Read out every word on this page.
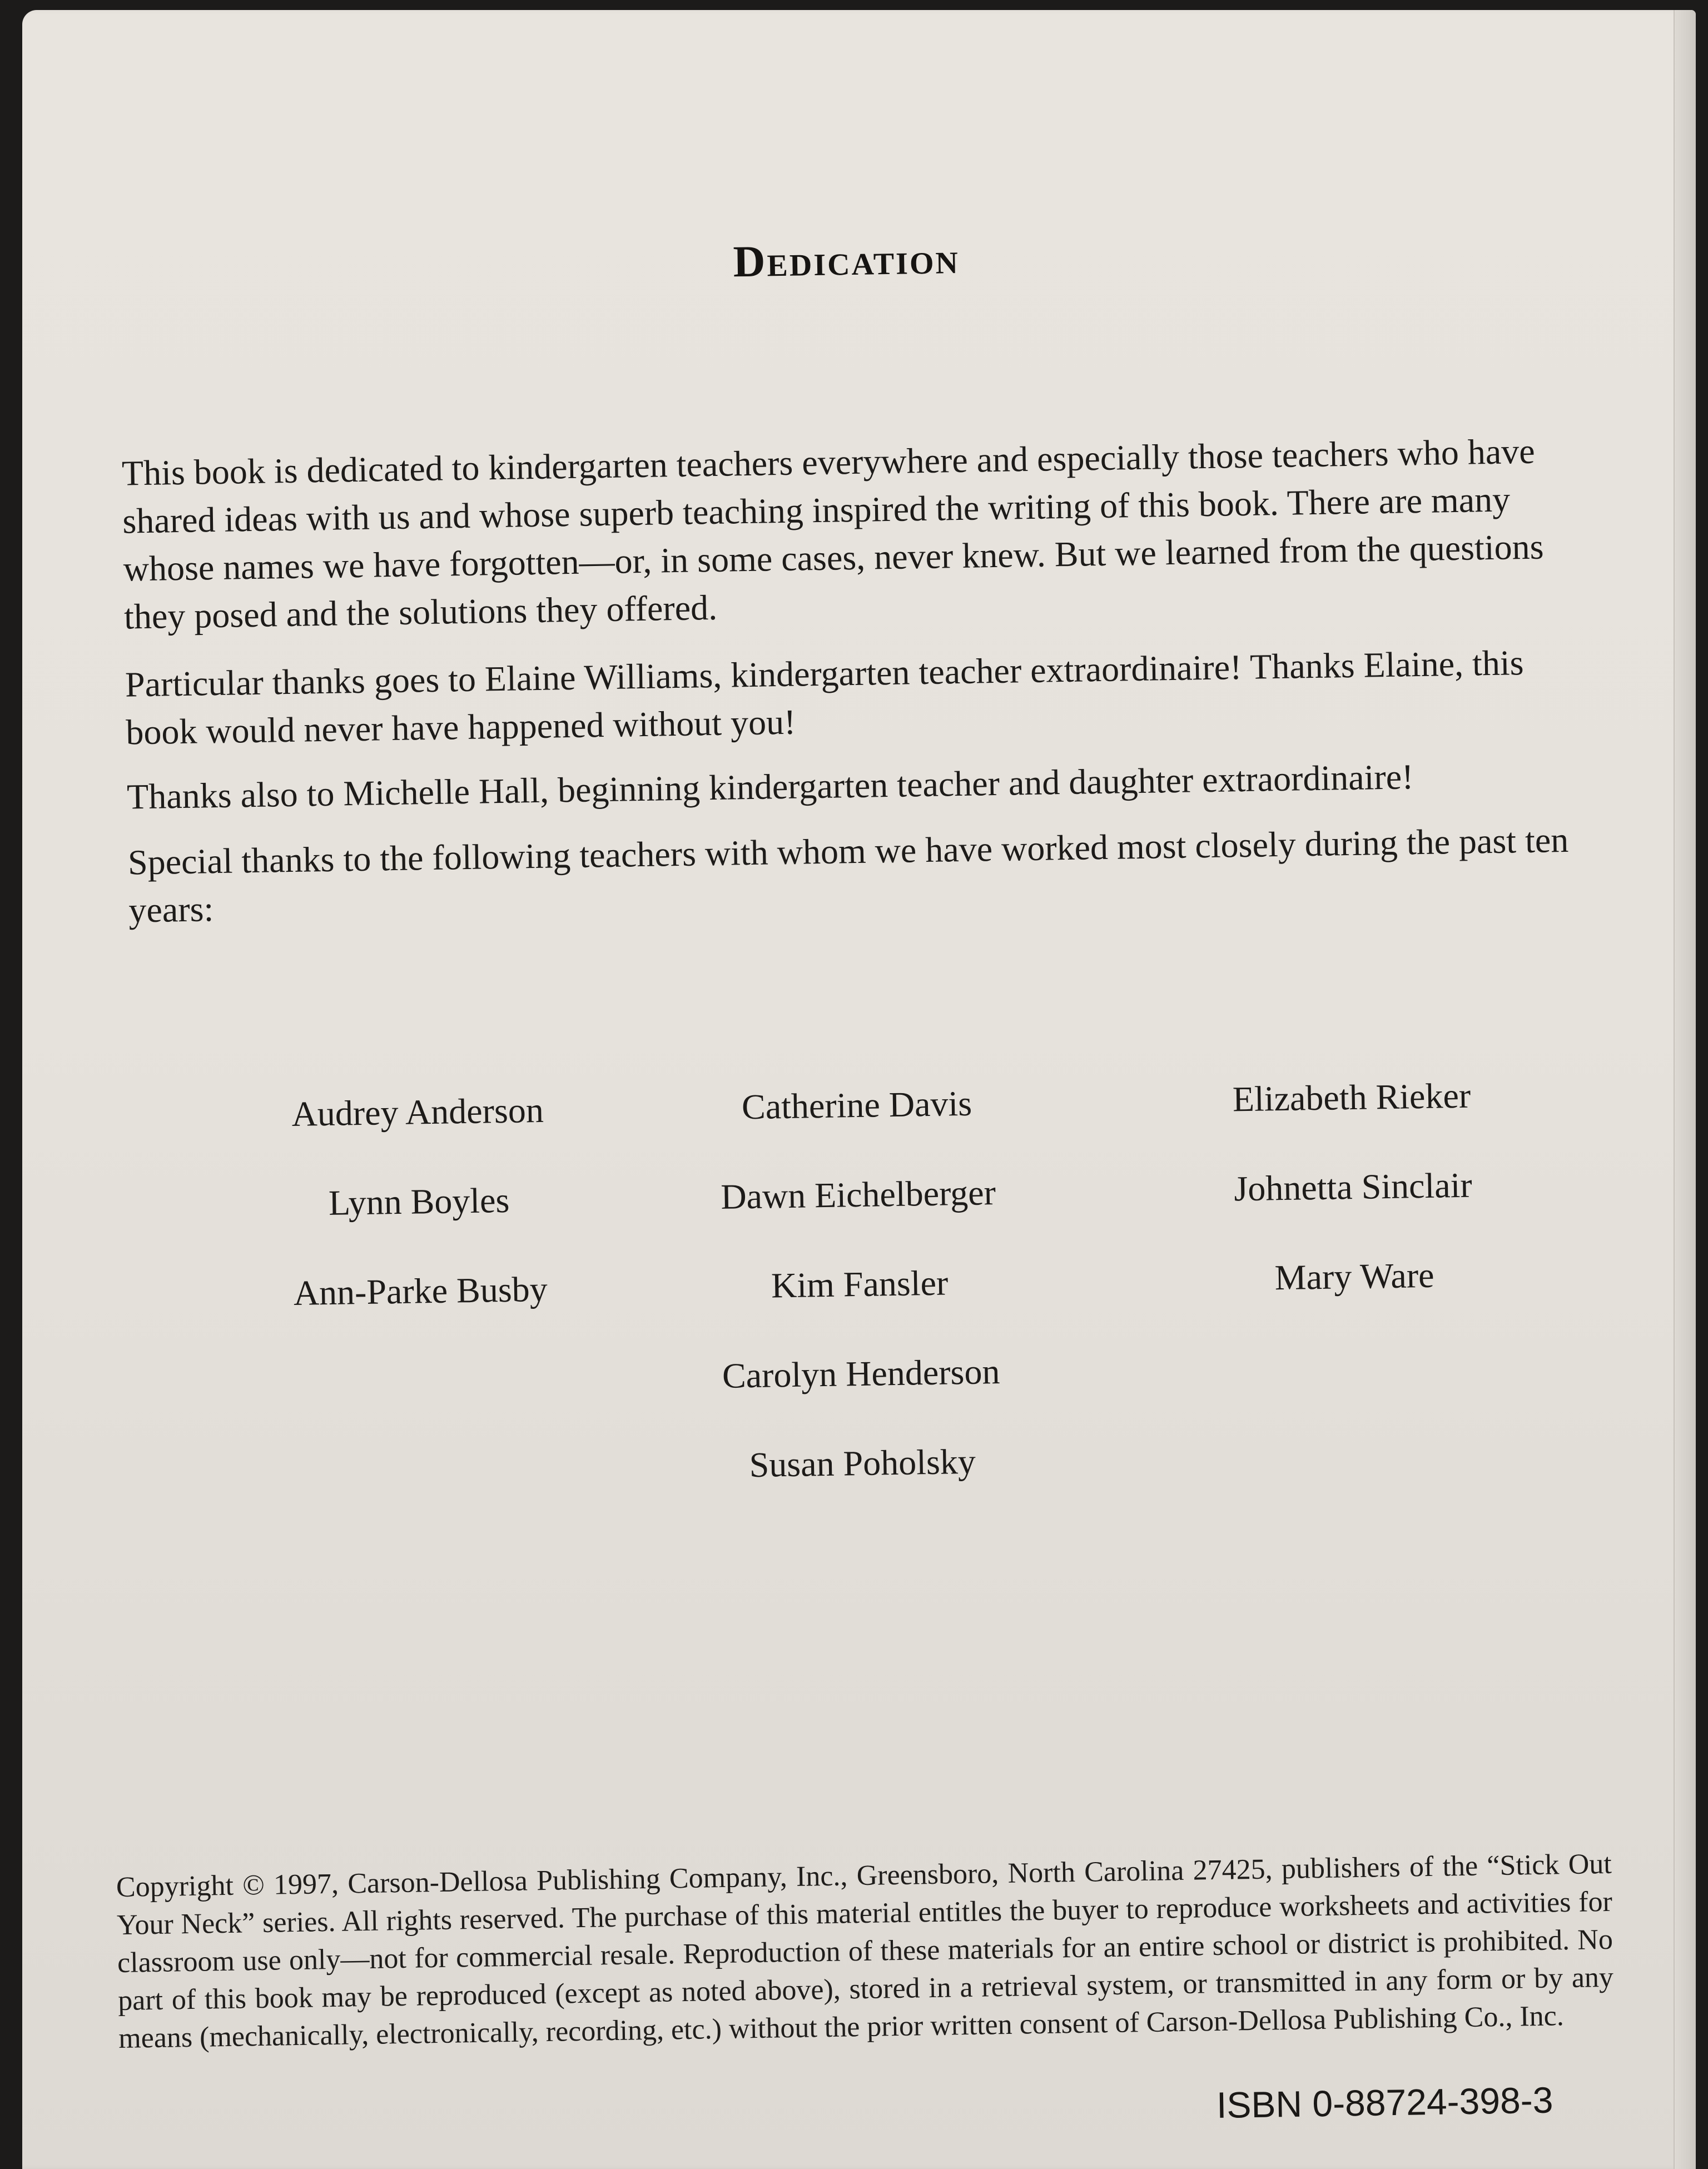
Dedication

This book is dedicated to kindergarten teachers everywhere and especially those teachers who have shared ideas with us and whose superb teaching inspired the writing of this book. There are many whose names we have forgotten—or, in some cases, never knew. But we learned from the questions they posed and the solutions they offered.

Particular thanks goes to Elaine Williams, kindergarten teacher extraordinaire! Thanks Elaine, this book would never have happened without you!

Thanks also to Michelle Hall, beginning kindergarten teacher and daughter extraordinaire!

Special thanks to the following teachers with whom we have worked most closely during the past ten years:

Audrey Anderson
Lynn Boyles
Ann-Parke Busby
Catherine Davis
Dawn Eichelberger
Kim Fansler
Carolyn Henderson
Susan Poholsky
Elizabeth Rieker
Johnetta Sinclair
Mary Ware

Copyright © 1997, Carson-Dellosa Publishing Company, Inc., Greensboro, North Carolina 27425, publishers of the “Stick Out Your Neck” series. All rights reserved. The purchase of this material entitles the buyer to reproduce worksheets and activities for classroom use only—not for commercial resale. Reproduction of these materials for an entire school or district is prohibited. No part of this book may be reproduced (except as noted above), stored in a retrieval system, or transmitted in any form or by any means (mechanically, electronically, recording, etc.) without the prior written consent of Carson-Dellosa Publishing Co., Inc.

ISBN 0-88724-398-3
